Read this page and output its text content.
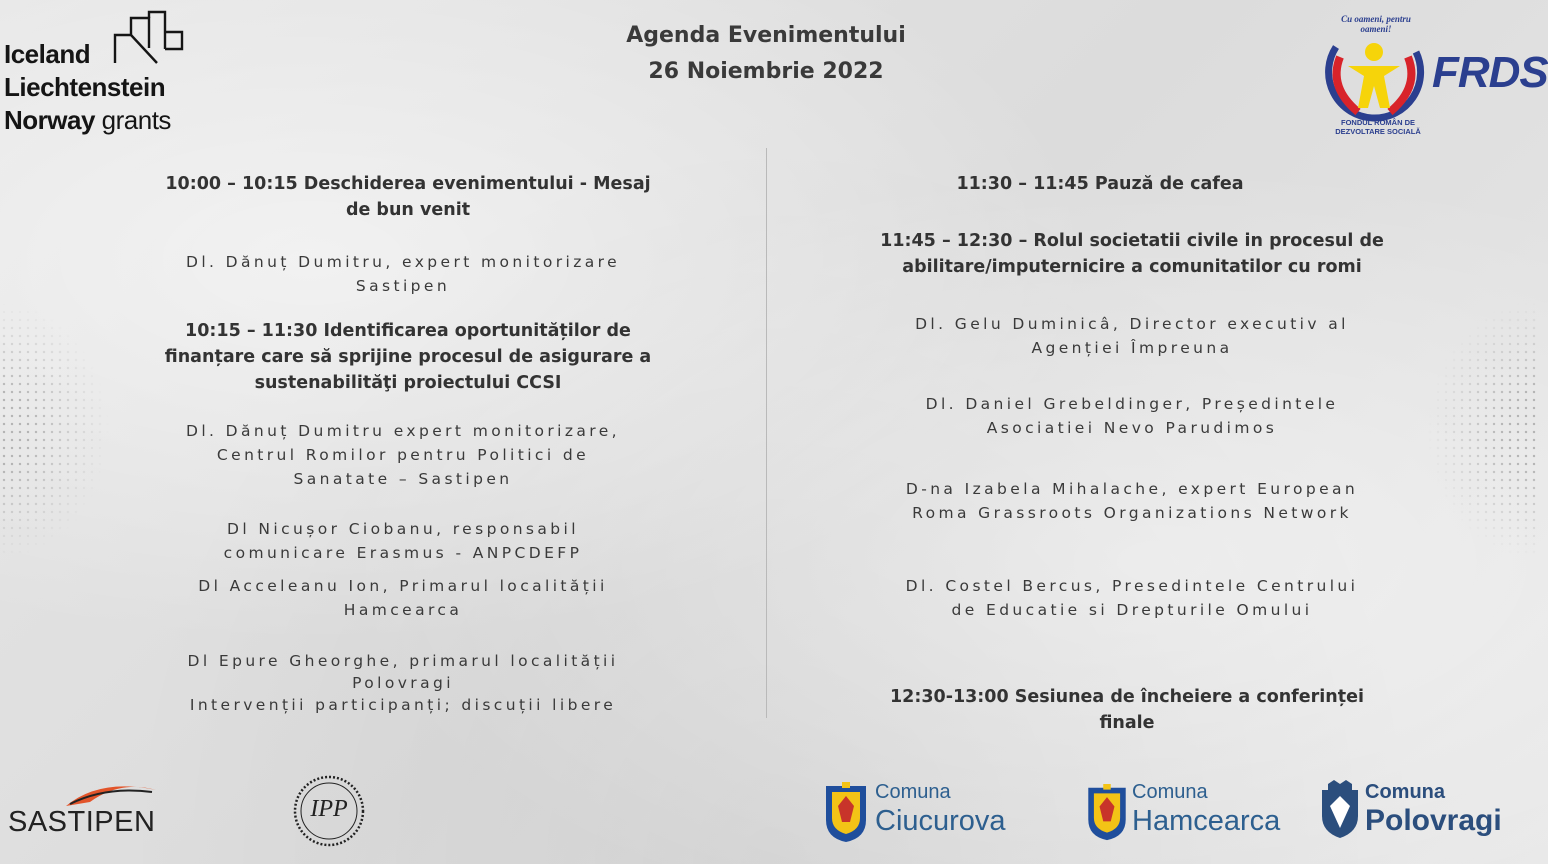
Iceland
Liechtenstein
Norway grants
Agenda Evenimentului
26 Noiembrie 2022
Cu oameni, pentru oameni!
FRDS
FONDUL ROMÂN DE
DEZVOLTARE SOCIALĂ
10:00 – 10:15 Deschiderea evenimentului - Mesaj
de bun venit
Dl. Dănuț Dumitru, expert monitorizare
Sastipen
10:15 – 11:30 Identificarea oportunităților de
finanțare care să sprijine procesul de asigurare a
sustenabilităţi proiectului CCSI
Dl. Dănuț Dumitru expert monitorizare,
Centrul Romilor pentru Politici de
Sanatate – Sastipen
Dl Nicușor Ciobanu, responsabil
comunicare Erasmus - ANPCDEFP
Dl Acceleanu Ion, Primarul localității
Hamcearca
Dl Epure Gheorghe, primarul localității
Polovragi
Intervenții participanți; discuții libere
11:30 – 11:45 Pauză de cafea
11:45 – 12:30 – Rolul societatii civile in procesul de
abilitare/imputernicire a comunitatilor cu romi
Dl. Gelu Duminicâ, Director executiv al
Agenției Împreuna
Dl. Daniel Grebeldinger, Președintele
Asociatiei Nevo Parudimos
D-na Izabela Mihalache, expert European
Roma Grassroots Organizations Network
Dl. Costel Bercus, Presedintele Centrului
de Educatie si Drepturile Omului
12:30-13:00 Sesiunea de încheiere a conferinței
finale
SASTIPEN	IPP
Comuna
Ciucurova
Comuna
Hamcearca
Comuna
Polovragi
